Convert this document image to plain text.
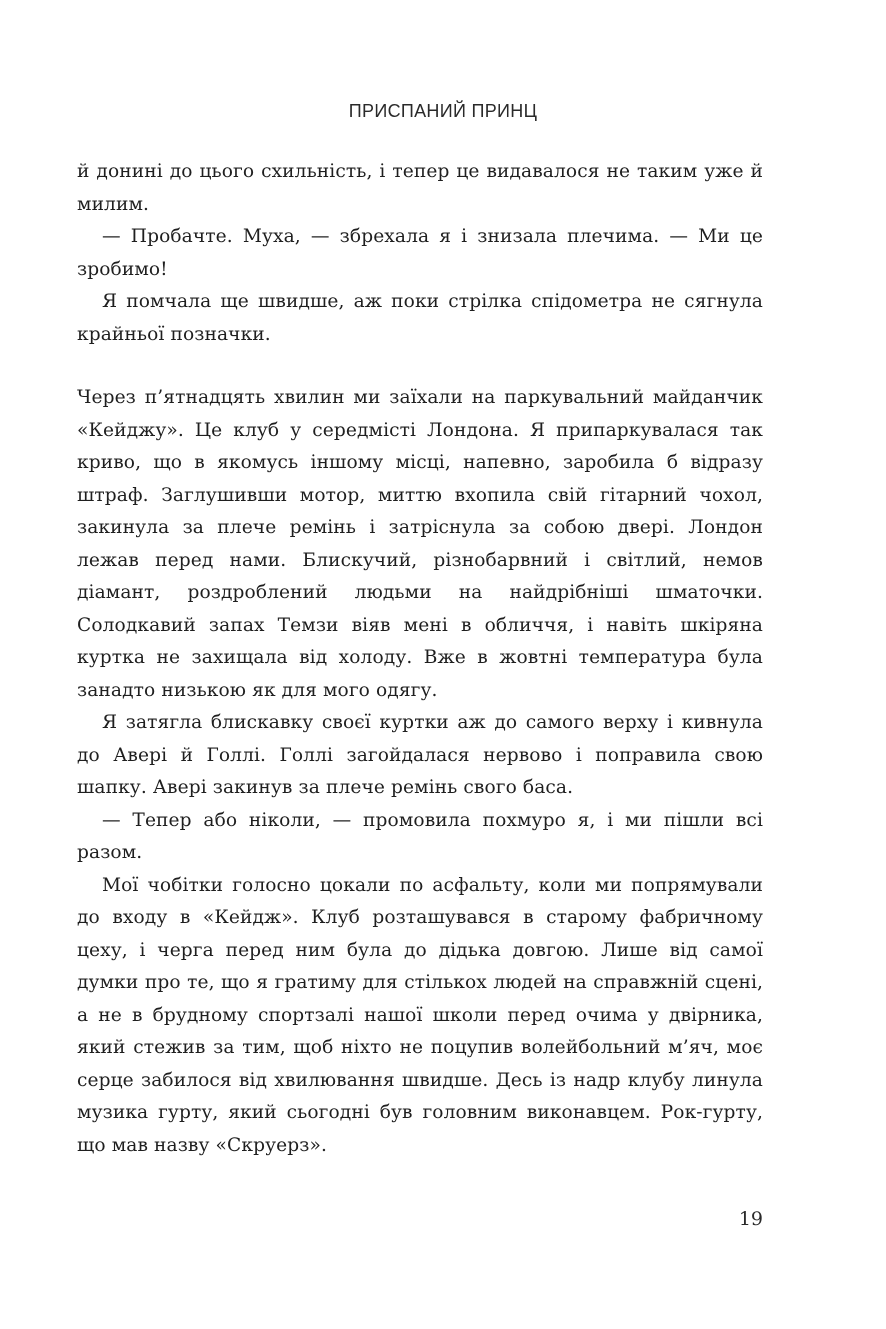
ПРИСПАНИЙ ПРИНЦ

й донині до цього схильність, і тепер це видавалося не таким уже й милим.

— Пробачте. Муха, — збрехала я і знизала плечима. — Ми це зробимо!

Я помчала ще швидше, аж поки стрілка спідометра не сягнула крайньої позначки.

Через п’ятнадцять хвилин ми заїхали на паркувальний майданчик «Кейджу». Це клуб у середмісті Лондона. Я припаркувалася так криво, що в якомусь іншому місці, напевно, заробила б відразу штраф. Заглушивши мотор, миттю вхопила свій гітарний чохол, закинула за плече ремінь і затріснула за собою двері. Лондон лежав перед нами. Блискучий, різнобарвний і світлий, немов діамант, роздроблений людьми на найдрібніші шматочки. Солодкавий запах Темзи віяв мені в обличчя, і навіть шкіряна куртка не захищала від холоду. Вже в жовтні температура була занадто низькою як для мого одягу.

Я затягла блискавку своєї куртки аж до самого верху і кивнула до Аверi й Голлі. Голлі загойдалася нервово і поправила свою шапку. Аверi закинув за плече ремінь свого баса.

— Тепер або ніколи, — промовила похмуро я, і ми пішли всі разом.

Мої чобітки голосно цокали по асфальту, коли ми попрямували до входу в «Кейдж». Клуб розташувався в старому фабричному цеху, і черга перед ним була до дідька довгою. Лише від самої думки про те, що я гратиму для стількох людей на справжній сцені, а не в брудному спортзалі нашої школи перед очима у двірника, який стежив за тим, щоб ніхто не поцупив волейбольний м’яч, моє серце забилося від хвилювання швидше. Десь із надр клубу линула музика гурту, який сьогодні був головним виконавцем. Рок-гурту, що мав назву «Скруерз».

19
